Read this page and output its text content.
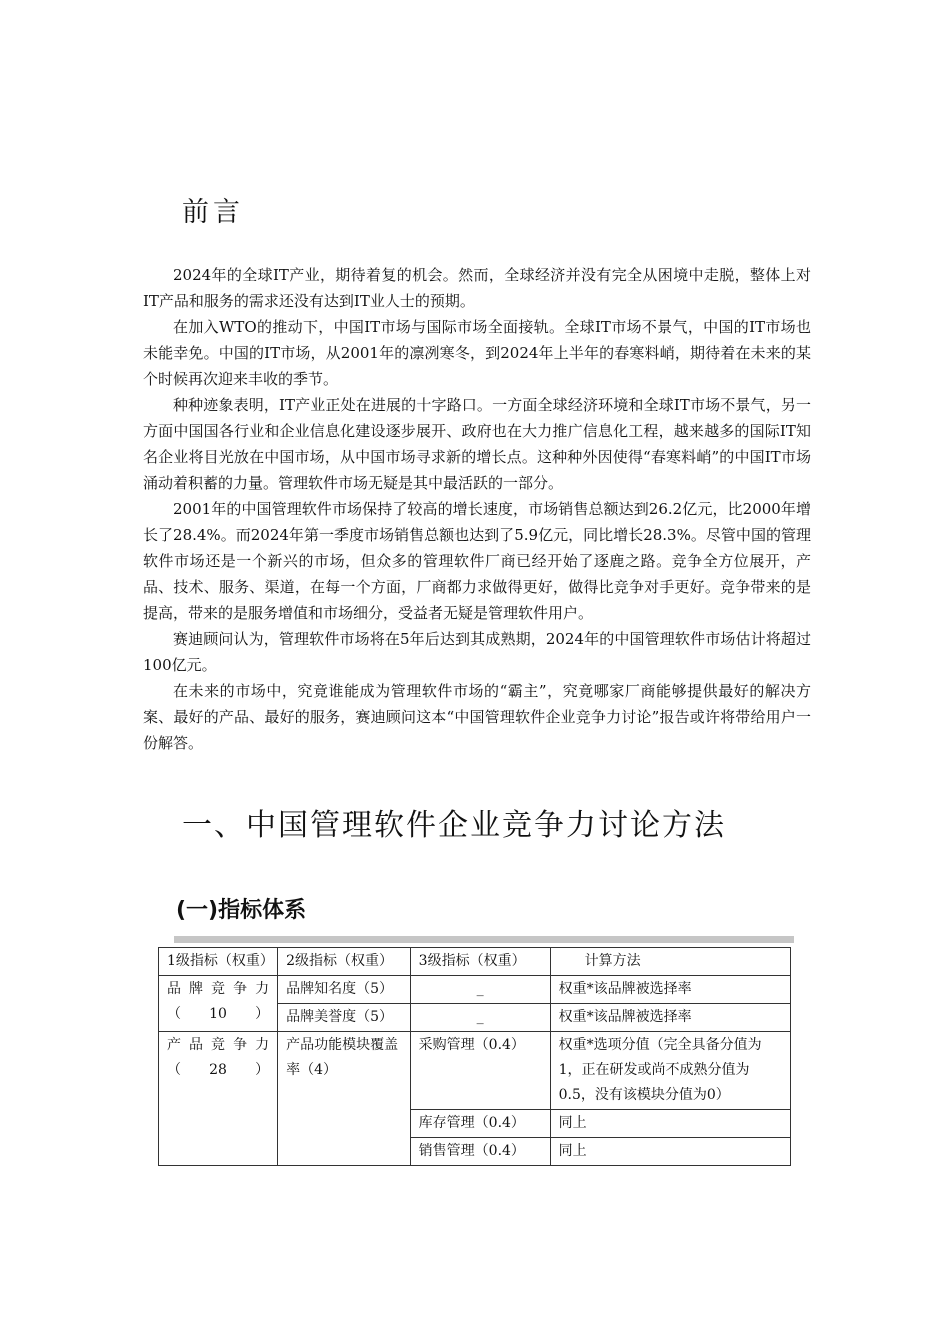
前言

2024年的全球IT产业，期待着复的机会。然而，全球经济并没有完全从困境中走脱，整体上对IT产品和服务的需求还没有达到IT业人士的预期。

在加入WTO的推动下，中国IT市场与国际市场全面接轨。全球IT市场不景气，中国的IT市场也未能幸免。中国的IT市场，从2001年的凛冽寒冬，到2024年上半年的春寒料峭，期待着在未来的某个时候再次迎来丰收的季节。

种种迹象表明，IT产业正处在进展的十字路口。一方面全球经济环境和全球IT市场不景气，另一方面中国国各行业和企业信息化建设逐步展开、政府也在大力推广信息化工程，越来越多的国际IT知名企业将目光放在中国市场，从中国市场寻求新的增长点。这种种外因使得“春寒料峭”的中国IT市场涌动着积蓄的力量。管理软件市场无疑是其中最活跃的一部分。

2001年的中国管理软件市场保持了较高的增长速度，市场销售总额达到26.2亿元，比2000年增长了28.4%。而2024年第一季度市场销售总额也达到了5.9亿元，同比增长28.3%。尽管中国的管理软件市场还是一个新兴的市场，但众多的管理软件厂商已经开始了逐鹿之路。竞争全方位展开，产品、技术、服务、渠道，在每一个方面，厂商都力求做得更好，做得比竞争对手更好。竞争带来的是提高，带来的是服务增值和市场细分，受益者无疑是管理软件用户。

赛迪顾问认为，管理软件市场将在5年后达到其成熟期，2024年的中国管理软件市场估计将超过100亿元。

在未来的市场中，究竟谁能成为管理软件市场的“霸主”，究竟哪家厂商能够提供最好的解决方案、最好的产品、最好的服务，赛迪顾问这本“中国管理软件企业竞争力讨论”报告或许将带给用户一份解答。

一、中国管理软件企业竞争力讨论方法
(一)指标体系
1级指标（权重）	2级指标（权重）	3级指标（权重）	计算方法
品牌竞争力（10）	品牌知名度（5）	_	权重*该品牌被选择率
	品牌美誉度（5）	_	权重*该品牌被选择率
产品竞争力（28）	产品功能模块覆盖率（4）	采购管理（0.4）	权重*选项分值（完全具备分值为1，正在研发或尚不成熟分值为0.5，没有该模块分值为0）
		库存管理（0.4）	同上
		销售管理（0.4）	同上
